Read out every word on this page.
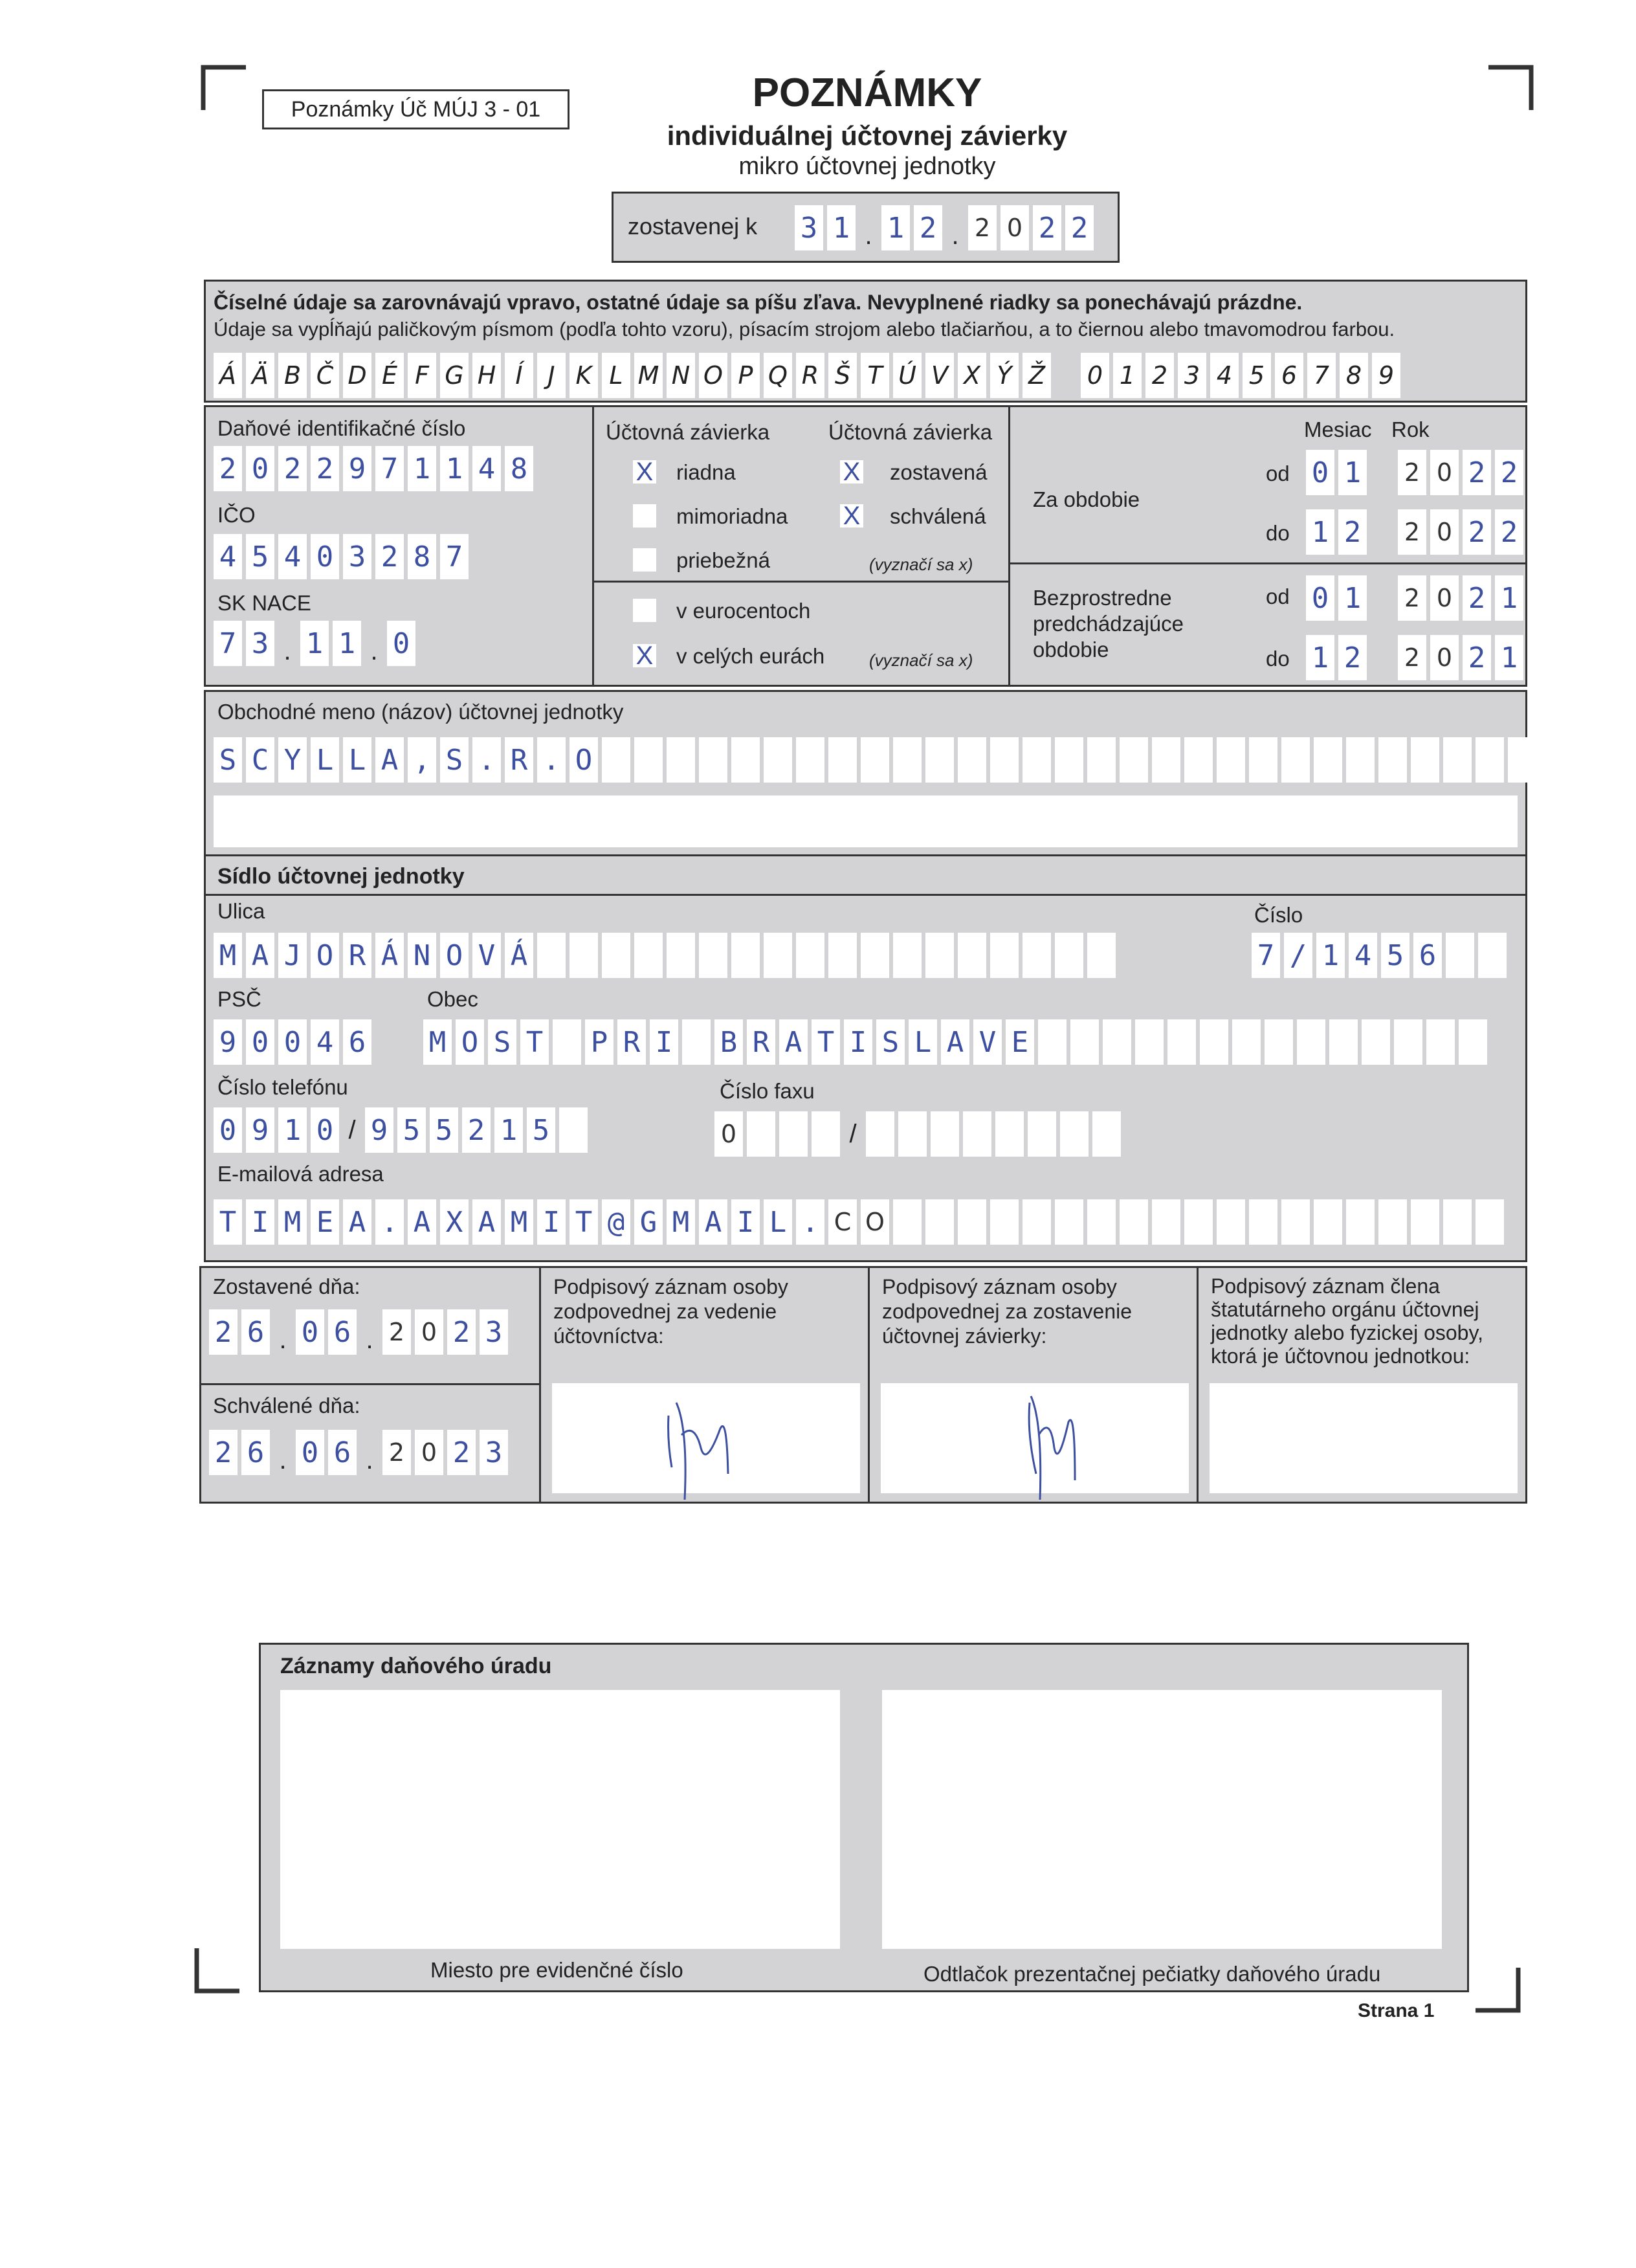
Poznámky Úč MÚJ 3 - 01	POZNÁMKY
individuálnej účtovnej závierky
mikro účtovnej jednotky
zostavenej k 3 1 . 1 2 . 2 0 2 2
Číselné údaje sa zarovnávajú vpravo, ostatné údaje sa píšu zľava. Nevyplnené riadky sa ponechávajú prázdne.
Údaje sa vypĺňajú paličkovým písmom (podľa tohto vzoru), písacím strojom alebo tlačiarňou, a to čiernou alebo tmavomodrou farbou.
Á Ä B Č D É F G H Í	J K L M N O P Q R Š T Ú V X Ý Ž 0 1 2 3 4 5 6 7 8 9
Daňové identifikačné číslo
2 0 2 2 9 7 1 1 4 8
IČO
4 5 4 0 3 2 8 7
SK NACE
7 3 . 1 1 . 0
Účtovná závierka	Účtovná závierka
X riadna
mimoriadna
priebežná
X zostavená
X schválená
(vyznačí sa x)
v eurocentoch
X v celých eurách	(vyznačí sa x)
Mesiac Rok
Za obdobie
od 0 1 2 0 2 2
do 1 2 2 0 2 2
Bezprostredne
predchádzajúce
obdobie
od 0 1 2 0 2 1
do 1 2 2 0 2 1
Obchodné meno (názov) účtovnej jednotky
S C Y L L A , S . R . O
Sídlo účtovnej jednotky
Ulica
M A J O R Á N O V Á
Číslo
7 / 1 4 5 6
PSČ
9 0 0 4 6
Obec
M O S T P R I B R A T I S L A V E
Číslo telefónu
0 9 1 0 / 9 5 5 2 1 5
Číslo faxu
0	/
E-mailová adresa
T I M E A . A X A M I T @ G M A I L . C O
Zostavené dňa:
2 6 . 0 6 . 2 0 2 3
Schválené dňa:
2 6 . 0 6 . 2 0 2 3
Podpisový záznam osoby zodpovednej za vedenie účtovníctva:
Podpisový záznam osoby zodpovednej za zostavenie účtovnej závierky:
Podpisový záznam člena štatutárneho orgánu účtovnej jednotky alebo fyzickej osoby, ktorá je účtovnou jednotkou:
Záznamy daňového úradu
Miesto pre evidenčné číslo	Odtlačok prezentačnej pečiatky daňového úradu
Strana 1
